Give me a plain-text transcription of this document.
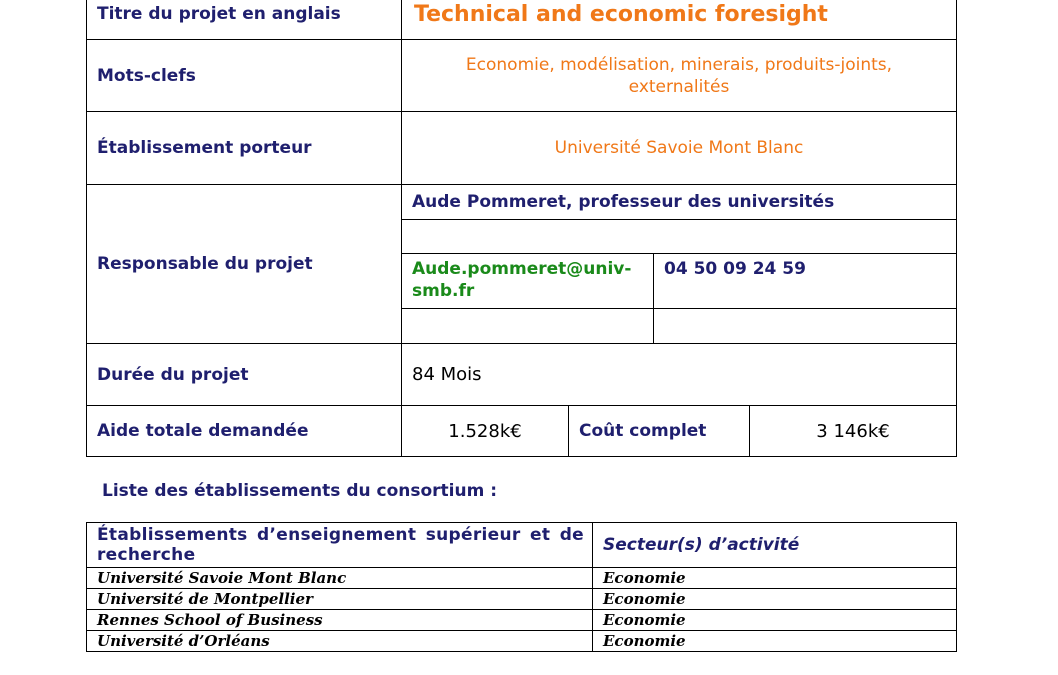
Titre du projet en anglais	Technical and economic foresight			
Mots-clefs	Economie, modélisation, minerais, produits-joints, externalités			

Établissement porteur	Université Savoie Mont Blanc			
Responsable du projet	Aude Pommeret, professeur des universités			

	Aude.pommeret@univ-smb.fr		04 50 09 24 59	

Durée du projet	84 Mois			
Aide totale demandée	1.528k€	Coût complet		3 146k€
Liste des établissements du consortium :
Établissements d’enseignement supérieur et de recherche	Secteur(s) d’activité
Université Savoie Mont Blanc	Economie
Université de Montpellier	Economie
Rennes School of Business	Economie
Université d’Orléans	Economie
